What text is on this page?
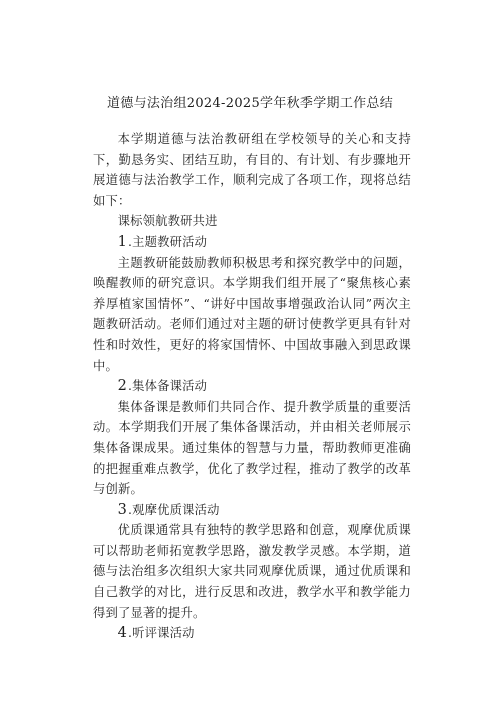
道德与法治组2024-2025学年秋季学期工作总结

本学期道德与法治教研组在学校领导的关心和支持下，勤恳务实、团结互助，有目的、有计划、有步骤地开展道德与法治教学工作，顺利完成了各项工作，现将总结如下：

课标领航教研共进

1.主题教研活动

主题教研能鼓励教师积极思考和探究教学中的问题，唤醒教师的研究意识。本学期我们组开展了“聚焦核心素养厚植家国情怀”、“讲好中国故事增强政治认同”两次主题教研活动。老师们通过对主题的研讨使教学更具有针对性和时效性，更好的将家国情怀、中国故事融入到思政课中。

2.集体备课活动

集体备课是教师们共同合作、提升教学质量的重要活动。本学期我们开展了集体备课活动，并由相关老师展示集体备课成果。通过集体的智慧与力量，帮助教师更准确的把握重难点教学，优化了教学过程，推动了教学的改革与创新。

3.观摩优质课活动

优质课通常具有独特的教学思路和创意，观摩优质课可以帮助老师拓宽教学思路，激发教学灵感。本学期，道德与法治组多次组织大家共同观摩优质课，通过优质课和自己教学的对比，进行反思和改进，教学水平和教学能力得到了显著的提升。

4.听评课活动
